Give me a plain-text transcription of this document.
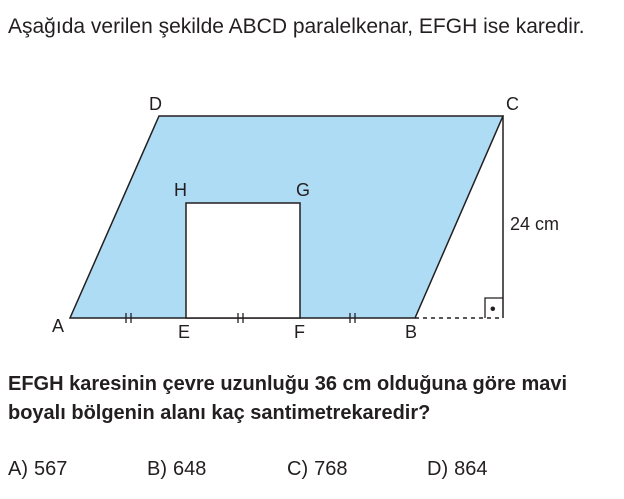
Aşağıda verilen şekilde ABCD paralelkenar, EFGH ise karedir.

•
A	B
C
D
E	F
G
H
24 cm

EFGH karesinin çevre uzunluğu 36 cm olduğuna göre mavi boyalı bölgenin alanı kaç santimetrekaredir?

A) 567	B) 648	C) 768	D) 864
